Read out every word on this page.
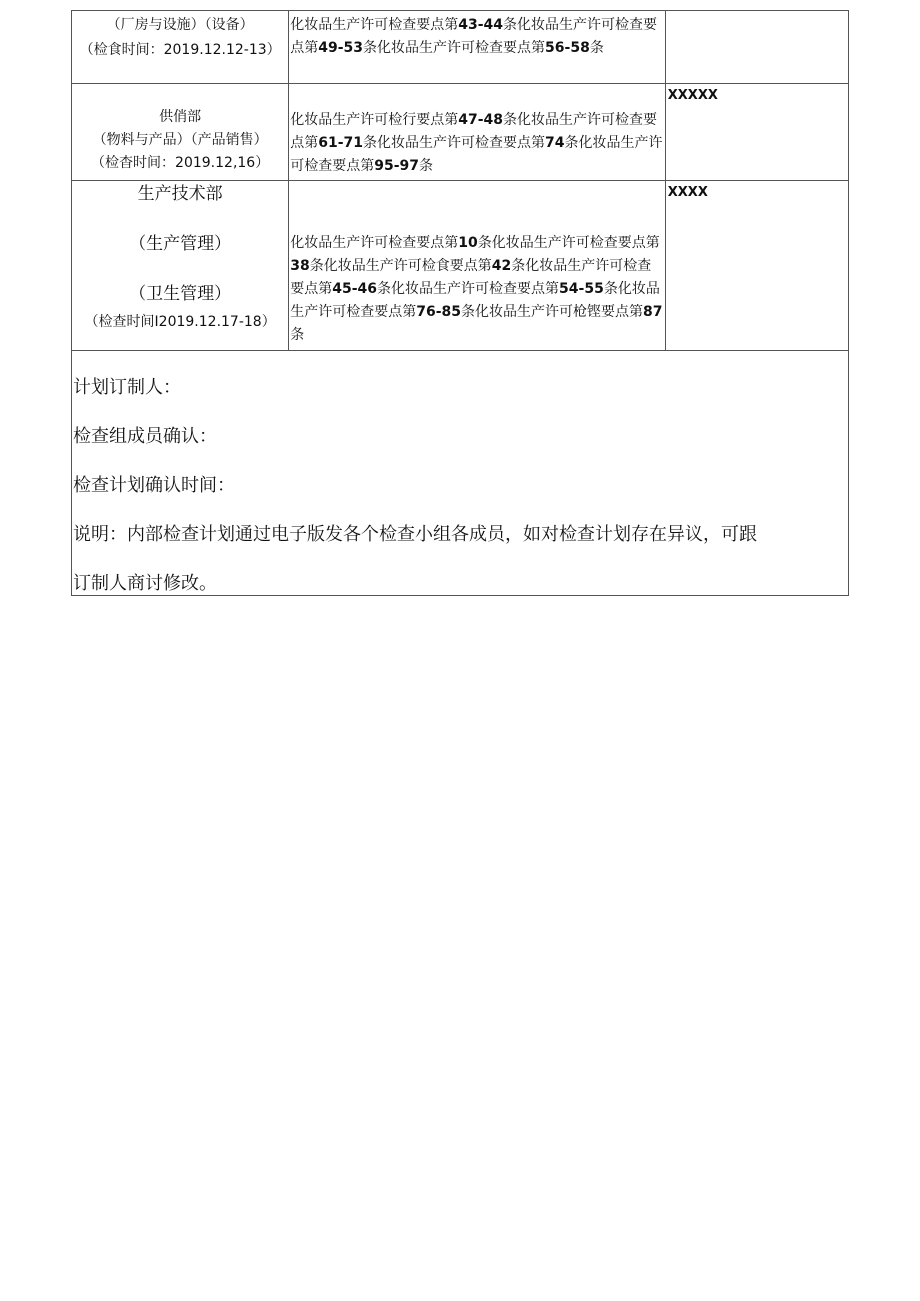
（厂房与设施）（设备）
（检食时间：2019.12.12-13）	化妆品生产许可检查要点第43-44条化妆品生产许可检查要点第49-53条化妆品生产许可检查要点第56-58条	

供俏部
（物料与产品）（产品销售）
（检杳时间：2019.12,16）	化妆品生产许可检行要点第47-48条化妆品生产许可检查要点第61-71条化妆品生产许可检查要点第74条化妆品生产许可检查要点第95-97条	XXXXX

生产技术部
（生产管理）
（卫生管理）
（检查时间I2019.12.17-18）	化妆品生产许可检查要点第10条化妆品生产许可检查要点第38条化妆品生产许可检食要点第42条化妆品生产许可检查要点第45-46条化妆品生产许可检查要点第54-55条化妆品生产许可检查要点第76-85条化妆品生产许可枪铿要点第87条	XXXX

计划订制人：
检查组成员确认：
检查计划确认时间：
说明：内部检查计划通过电子版发各个检查小组各成员，如对检查计划存在异议，可跟
订制人商讨修改。		
